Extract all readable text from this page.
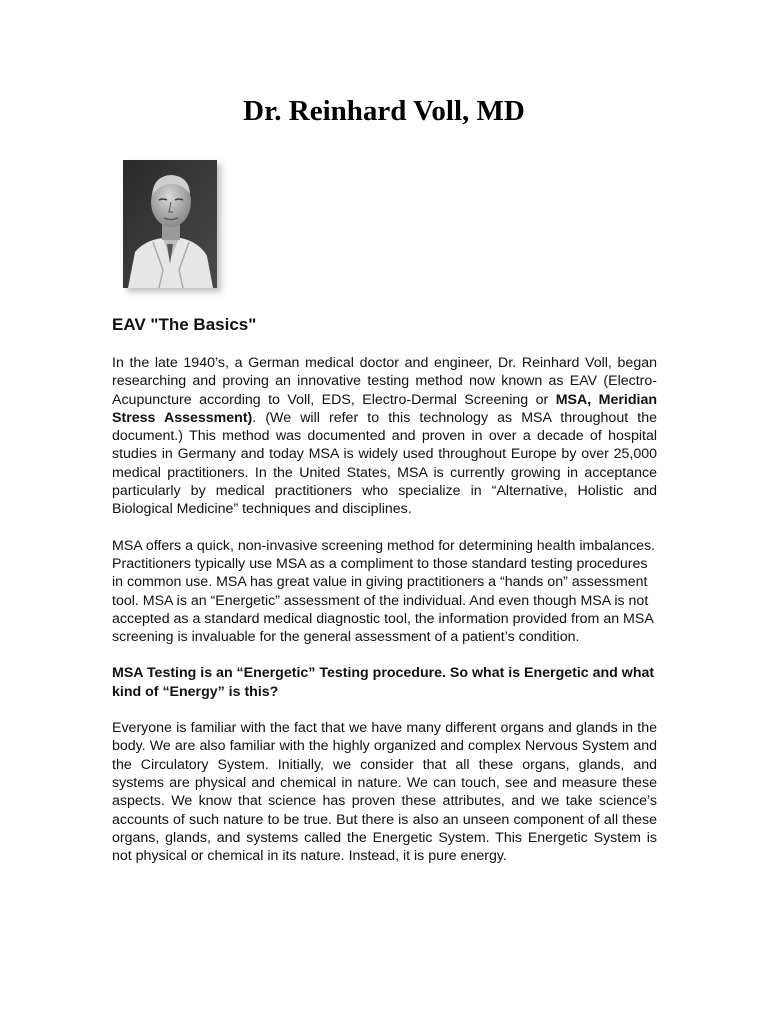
Dr. Reinhard Voll, MD
EAV "The Basics"

In the late 1940’s, a German medical doctor and engineer, Dr. Reinhard Voll, began researching and proving an innovative testing method now known as EAV (Electro-Acupuncture according to Voll, EDS, Electro-Dermal Screening or MSA, Meridian Stress Assessment). (We will refer to this technology as MSA throughout the document.) This method was documented and proven in over a decade of hospital studies in Germany and today MSA is widely used throughout Europe by over 25,000 medical practitioners. In the United States, MSA is currently growing in acceptance particularly by medical practitioners who specialize in “Alternative, Holistic and Biological Medicine” techniques and disciplines.

MSA offers a quick, non-invasive screening method for determining health imbalances. Practitioners typically use MSA as a compliment to those standard testing procedures in common use. MSA has great value in giving practitioners a “hands on” assessment tool. MSA is an “Energetic” assessment of the individual. And even though MSA is not accepted as a standard medical diagnostic tool, the information provided from an MSA screening is invaluable for the general assessment of a patient’s condition.

MSA Testing is an “Energetic” Testing procedure. So what is Energetic and what kind of “Energy” is this?

Everyone is familiar with the fact that we have many different organs and glands in the body. We are also familiar with the highly organized and complex Nervous System and the Circulatory System. Initially, we consider that all these organs, glands, and systems are physical and chemical in nature. We can touch, see and measure these aspects. We know that science has proven these attributes, and we take science’s accounts of such nature to be true. But there is also an unseen component of all these organs, glands, and systems called the Energetic System. This Energetic System is not physical or chemical in its nature. Instead, it is pure energy.
